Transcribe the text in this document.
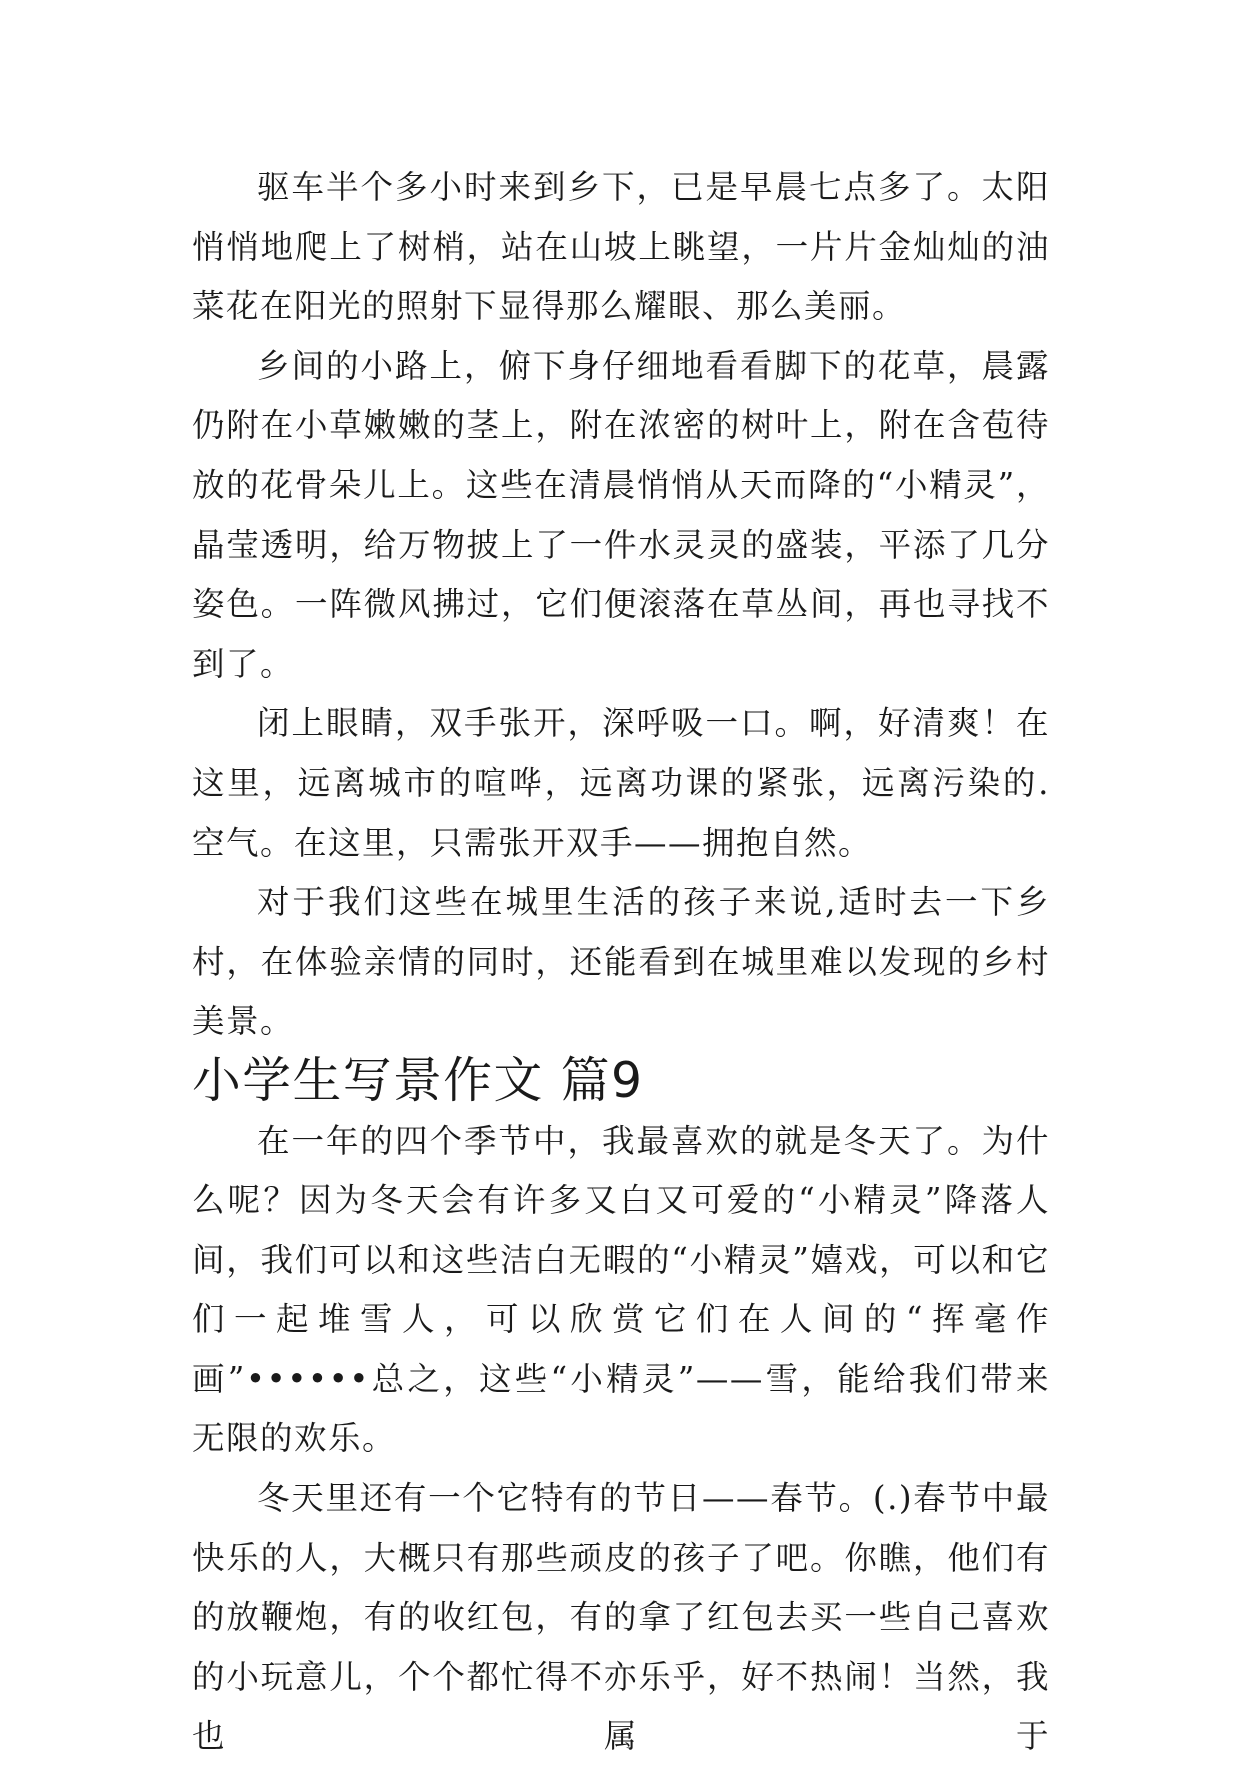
驱车半个多小时来到乡下，已是早晨七点多了。太阳悄悄地爬上了树梢，站在山坡上眺望，一片片金灿灿的油菜花在阳光的照射下显得那么耀眼、那么美丽。

乡间的小路上，俯下身仔细地看看脚下的花草，晨露仍附在小草嫩嫩的茎上，附在浓密的树叶上，附在含苞待放的花骨朵儿上。这些在清晨悄悄从天而降的“小精灵”，晶莹透明，给万物披上了一件水灵灵的盛装，平添了几分姿色。一阵微风拂过，它们便滚落在草丛间，再也寻找不到了。

闭上眼睛，双手张开，深呼吸一口。啊，好清爽！在这里，远离城市的喧哗，远离功课的紧张，远离污染的.空气。在这里，只需张开双手——拥抱自然。

对于我们这些在城里生活的孩子来说,适时去一下乡村，在体验亲情的同时，还能看到在城里难以发现的乡村美景。

小学生写景作文 篇9

在一年的四个季节中，我最喜欢的就是冬天了。为什么呢？因为冬天会有许多又白又可爱的“小精灵”降落人间，我们可以和这些洁白无暇的“小精灵”嬉戏，可以和它们一起堆雪人，可以欣赏它们在人间的“挥毫作画”••••••总之，这些“小精灵”——雪，能给我们带来无限的欢乐。

冬天里还有一个它特有的节日——春节。(.)春节中最快乐的人，大概只有那些顽皮的孩子了吧。你瞧，他们有的放鞭炮，有的收红包，有的拿了红包去买一些自己喜欢的小玩意儿，个个都忙得不亦乐乎，好不热闹！当然，我也属于
